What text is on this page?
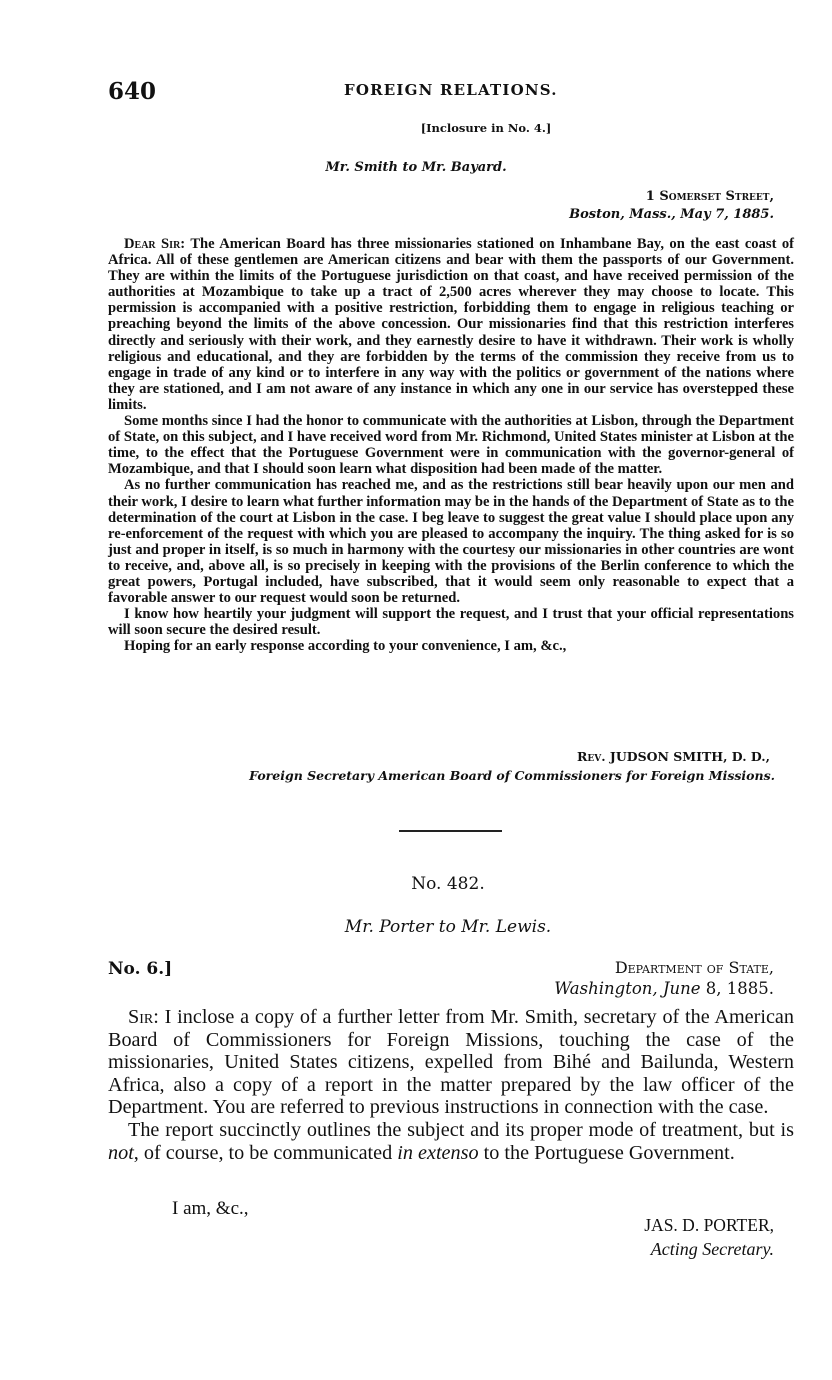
640	FOREIGN RELATIONS.
[Inclosure in No. 4.]
Mr. Smith to Mr. Bayard.
1 Somerset Street,
Boston, Mass., May 7, 1885.

Dear Sir: The American Board has three missionaries stationed on Inhambane Bay, on the east coast of Africa. All of these gentlemen are American citizens and bear with them the passports of our Government. They are within the limits of the Portuguese jurisdiction on that coast, and have received permission of the authorities at Mozambique to take up a tract of 2,500 acres wherever they may choose to locate. This permission is accompanied with a positive restriction, forbidding them to engage in religious teaching or preaching beyond the limits of the above concession. Our missionaries find that this restriction interferes directly and seriously with their work, and they earnestly desire to have it withdrawn. Their work is wholly religious and educational, and they are forbidden by the terms of the commission they receive from us to engage in trade of any kind or to interfere in any way with the politics or government of the nations where they are stationed, and I am not aware of any instance in which any one in our service has overstepped these limits.

Some months since I had the honor to communicate with the authorities at Lisbon, through the Department of State, on this subject, and I have received word from Mr. Richmond, United States minister at Lisbon at the time, to the effect that the Portuguese Government were in communication with the governor-general of Mozambique, and that I should soon learn what disposition had been made of the matter.

As no further communication has reached me, and as the restrictions still bear heavily upon our men and their work, I desire to learn what further information may be in the hands of the Department of State as to the determination of the court at Lisbon in the case. I beg leave to suggest the great value I should place upon any re-enforcement of the request with which you are pleased to accompany the inquiry. The thing asked for is so just and proper in itself, is so much in harmony with the courtesy our missionaries in other countries are wont to receive, and, above all, is so precisely in keeping with the provisions of the Berlin conference to which the great powers, Portugal included, have subscribed, that it would seem only reasonable to expect that a favorable answer to our request would soon be returned.

I know how heartily your judgment will support the request, and I trust that your official representations will soon secure the desired result.

Hoping for an early response according to your convenience, I am, &c.,

Rev. JUDSON SMITH, D. D.,
Foreign Secretary American Board of Commissioners for Foreign Missions.
No. 482.
Mr. Porter to Mr. Lewis.
No. 6.]	Department of State,
Washington, June 8, 1885.

Sir: I inclose a copy of a further letter from Mr. Smith, secretary of the American Board of Commissioners for Foreign Missions, touching the case of the missionaries, United States citizens, expelled from Bihé and Bailunda, Western Africa, also a copy of a report in the matter prepared by the law officer of the Department. You are referred to previous instructions in connection with the case.

The report succinctly outlines the subject and its proper mode of treatment, but is not, of course, to be communicated in extenso to the Portuguese Government.

I am, &c.,
JAS. D. PORTER,
Acting Secretary.
